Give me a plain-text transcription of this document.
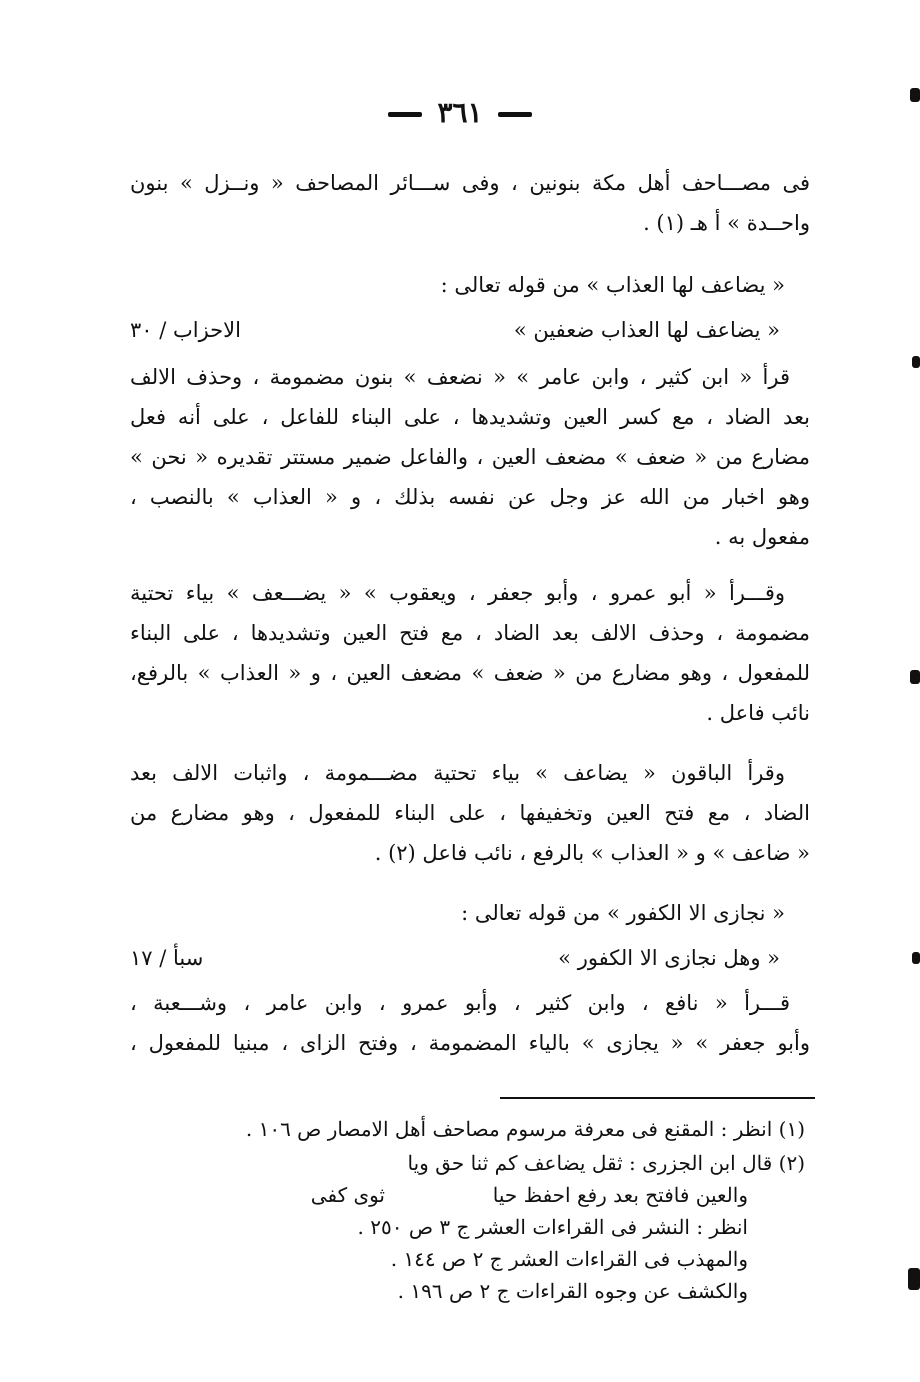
٣٦١
فى مصـــاحف أهل مكة بنونين ، وفى ســـائر المصاحف « ونــزل » بنون
واحــدة » أ هـ (١) .
« يضاعف لها العذاب » من قوله تعالى :
« يضاعف لها العذاب ضعفين »
الاحزاب / ٣٠
قرأ « ابن كثير ، وابن عامر » « نضعف » بنون مضمومة ، وحذف الالف
بعد الضاد ، مع كسر العين وتشديدها ، على البناء للفاعل ، على أنه فعل
مضارع من « ضعف » مضعف العين ، والفاعل ضمير مستتر تقديره « نحن »
وهو اخبار من الله عز وجل عن نفسه بذلك ، و « العذاب » بالنصب ،
مفعول به .
وقـــرأ « أبو عمرو ، وأبو جعفر ، ويعقوب » « يضـــعف » بياء تحتية
مضمومة ، وحذف الالف بعد الضاد ، مع فتح العين وتشديدها ، على البناء
للمفعول ، وهو مضارع من « ضعف » مضعف العين ، و « العذاب » بالرفع،
نائب فاعل .
وقرأ الباقون « يضاعف » بياء تحتية مضـــمومة ، واثبات الالف بعد
الضاد ، مع فتح العين وتخفيفها ، على البناء للمفعول ، وهو مضارع من
« ضاعف » و « العذاب » بالرفع ، نائب فاعل (٢) .
« نجازى الا الكفور » من قوله تعالى :
« وهل نجازى الا الكفور »
سبأ / ١٧
قـــرأ « نافع ، وابن كثير ، وأبو عمرو ، وابن عامر ، وشـــعبة ،
وأبو جعفر » « يجازى » بالياء المضمومة ، وفتح الزاى ، مبنيا للمفعول ،
(١) انظر : المقنع فى معرفة مرسوم مصاحف أهل الامصار ص ١٠٦ .
(٢) قال ابن الجزرى : ثقل يضاعف كم ثنا حق ويا
والعين فافتح بعد رفع احفظ حيا
ثوى كفى
انظر : النشر فى القراءات العشر ج ٣ ص ٢٥٠ .
والمهذب فى القراءات العشر ج ٢ ص ١٤٤ .
والكشف عن وجوه القراءات ج ٢ ص ١٩٦ .
